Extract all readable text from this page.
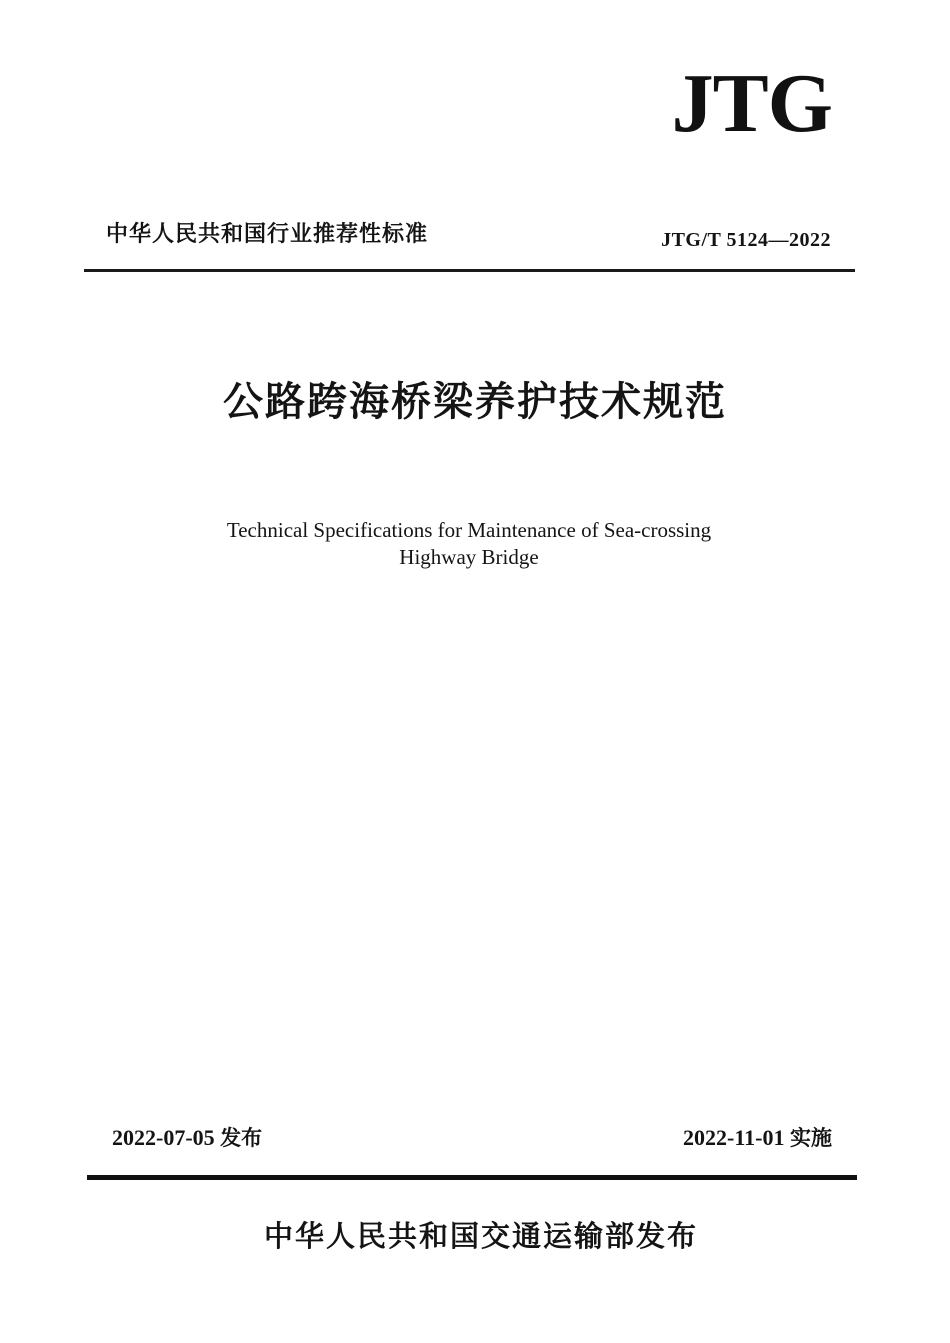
JTG
中华人民共和国行业推荐性标准	JTG/T 5124—2022
公路跨海桥梁养护技术规范
Technical Specifications for Maintenance of Sea-crossing
Highway Bridge
2022-07-05 发布	2022-11-01 实施
中华人民共和国交通运输部发布
